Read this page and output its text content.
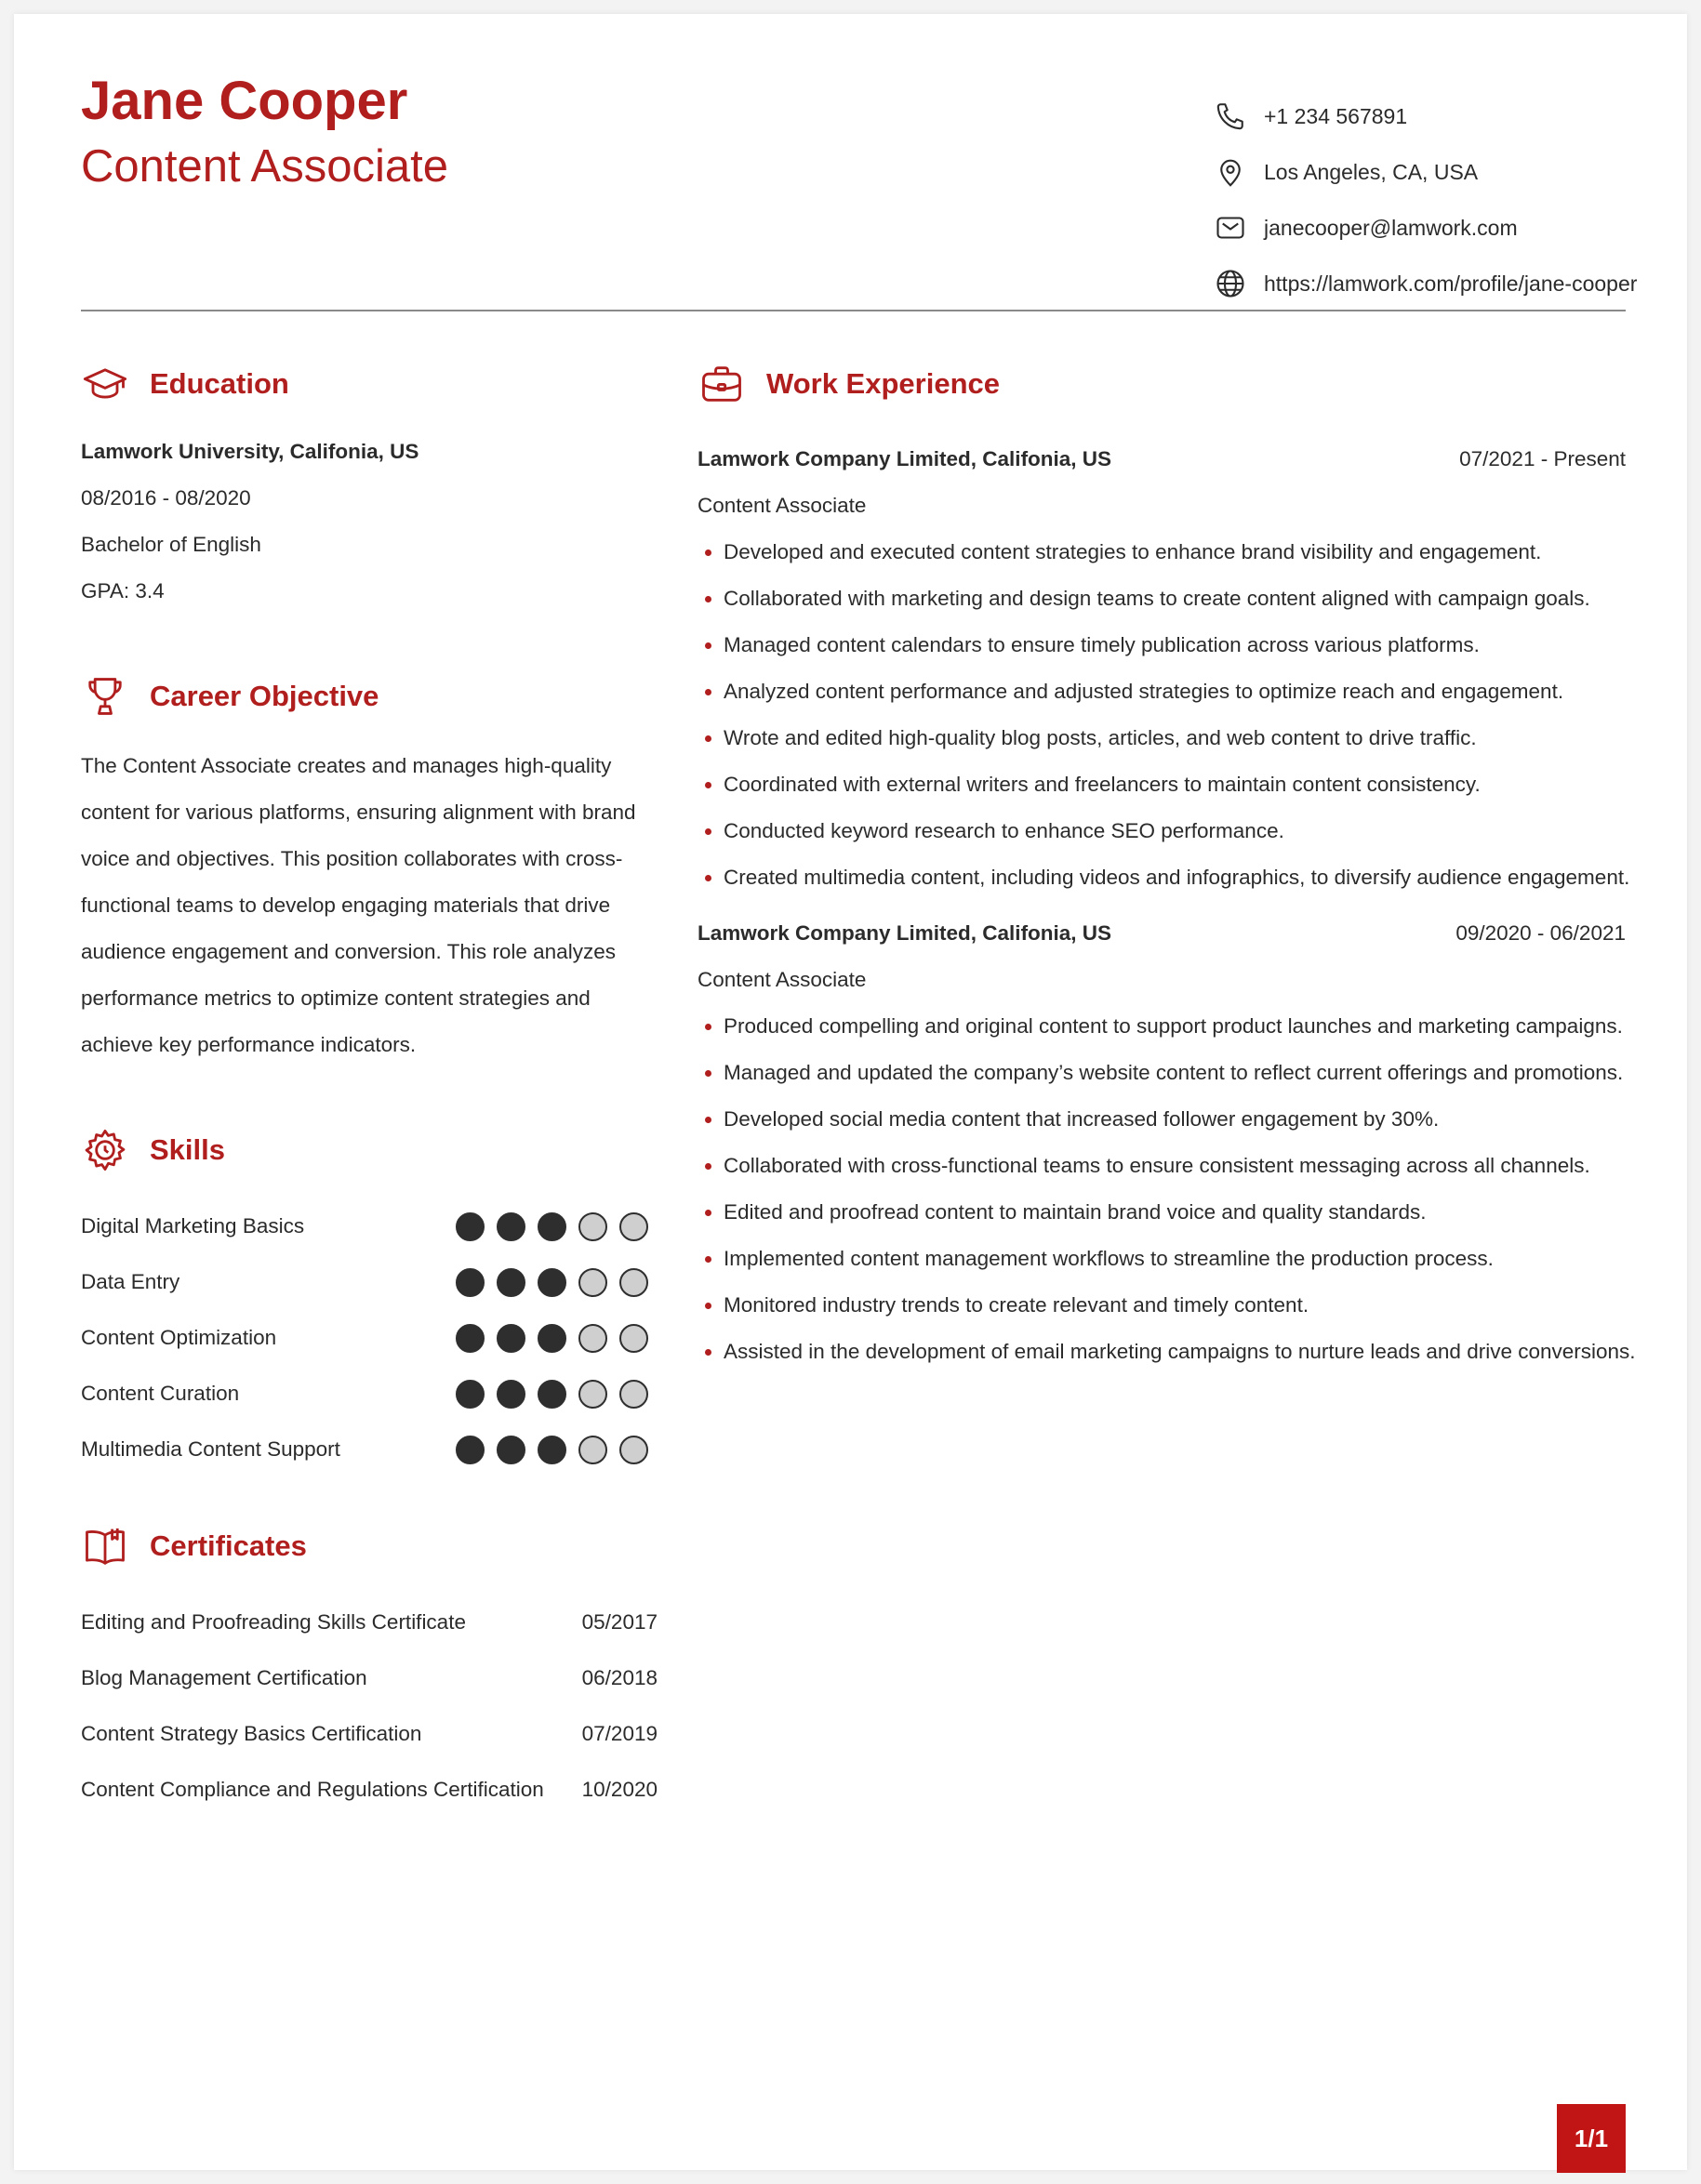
Jane Cooper
Content Associate
+1 234 567891
Los Angeles, CA, USA
janecooper@lamwork.com
https://lamwork.com/profile/jane-cooper
Education
Lamwork University, Califonia, US
08/2016 - 08/2020
Bachelor of English
GPA: 3.4
Career Objective
The Content Associate creates and manages high-quality
content for various platforms, ensuring alignment with brand
voice and objectives. This position collaborates with cross-
functional teams to develop engaging materials that drive
audience engagement and conversion. This role analyzes
performance metrics to optimize content strategies and
achieve key performance indicators.
Skills
Digital Marketing Basics
Data Entry
Content Optimization
Content Curation
Multimedia Content Support
Certificates
Editing and Proofreading Skills Certificate	05/2017
Blog Management Certification	06/2018
Content Strategy Basics Certification	07/2019
Content Compliance and Regulations Certification 10/2020
Work Experience
Lamwork Company Limited, Califonia, US	07/2021 - Present
Content Associate
Developed and executed content strategies to enhance brand visibility and engagement.
Collaborated with marketing and design teams to create content aligned with campaign goals.
Managed content calendars to ensure timely publication across various platforms.
Analyzed content performance and adjusted strategies to optimize reach and engagement.
Wrote and edited high-quality blog posts, articles, and web content to drive traffic.
Coordinated with external writers and freelancers to maintain content consistency.
Conducted keyword research to enhance SEO performance.
Created multimedia content, including videos and infographics, to diversify audience engagement.
Lamwork Company Limited, Califonia, US	09/2020 - 06/2021
Content Associate
Produced compelling and original content to support product launches and marketing campaigns.
Managed and updated the company’s website content to reflect current offerings and promotions.
Developed social media content that increased follower engagement by 30%.
Collaborated with cross-functional teams to ensure consistent messaging across all channels.
Edited and proofread content to maintain brand voice and quality standards.
Implemented content management workflows to streamline the production process.
Monitored industry trends to create relevant and timely content.
Assisted in the development of email marketing campaigns to nurture leads and drive conversions.
1/1
